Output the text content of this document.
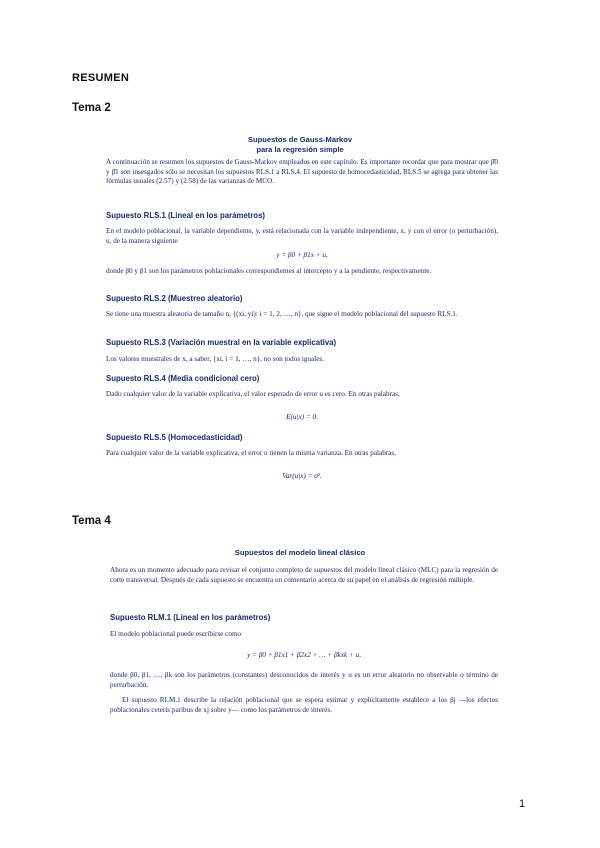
RESUMEN
Tema 2
Supuestos de Gauss-Markov
para la regresión simple
A continuación se resumen los supuestos de Gauss-Markov empleados en este capítulo. Es importante recordar que para mostrar que β̂0 y β̂1 son insesgados sólo se necesitan los supuestos RLS.1 a RLS.4. El supuesto de homocedasticidad, RLS.5 se agrega para obtener las fórmulas usuales (2.57) y (2.58) de las varianzas de MCO.
Supuesto RLS.1 (Lineal en los parámetros)
En el modelo poblacional, la variable dependiente, y, está relacionada con la variable independiente, x, y con el error (o perturbación), u, de la manera siguiente
y = β0 + β1x + u,
donde β0 y β1 son los parámetros poblacionales correspondientes al intercepto y a la pendiente, respectivamente.
Supuesto RLS.2 (Muestreo aleatorio)
Se tiene una muestra aleatoria de tamaño n, {(xi, yi): i = 1, 2, …, n}, que sigue el modelo poblacional del supuesto RLS.1.
Supuesto RLS.3 (Variación muestral en la variable explicativa)
Los valores muestrales de x, a saber, {xi, i = 1, …, n}, no son todos iguales.
Supuesto RLS.4 (Media condicional cero)
Dado cualquier valor de la variable explicativa, el valor esperado de error u es cero. En otras palabras,
E(u|x) = 0.
Supuesto RLS.5 (Homocedasticidad)
Para cualquier valor de la variable explicativa, el error u tienen la misma varianza. En otras palabras,
Var(u|x) = σ².
Tema 4
Supuestos del modelo lineal clásico
Ahora es un momento adecuado para revisar el conjunto completo de supuestos del modelo lineal clásico (MLC) para la regresión de corte transversal. Después de cada supuesto se encuentra un comentario acerca de su papel en el análisis de regresión múltiple.
Supuesto RLM.1 (Lineal en los parámetros)
El modelo poblacional puede escribirse como
y = β0 + β1x1 + β2x2 + … + βkxk + u,
donde β0, β1, …, βk son los parámetros (constantes) desconocidos de interés y u es un error aleatorio no observable o término de perturbación.
El supuesto RLM.1 describe la relación poblacional que se espera estimar y explícitamente establece a los βj —los efectos poblacionales ceteris paribus de xj sobre y— como los parámetros de interés.
1
